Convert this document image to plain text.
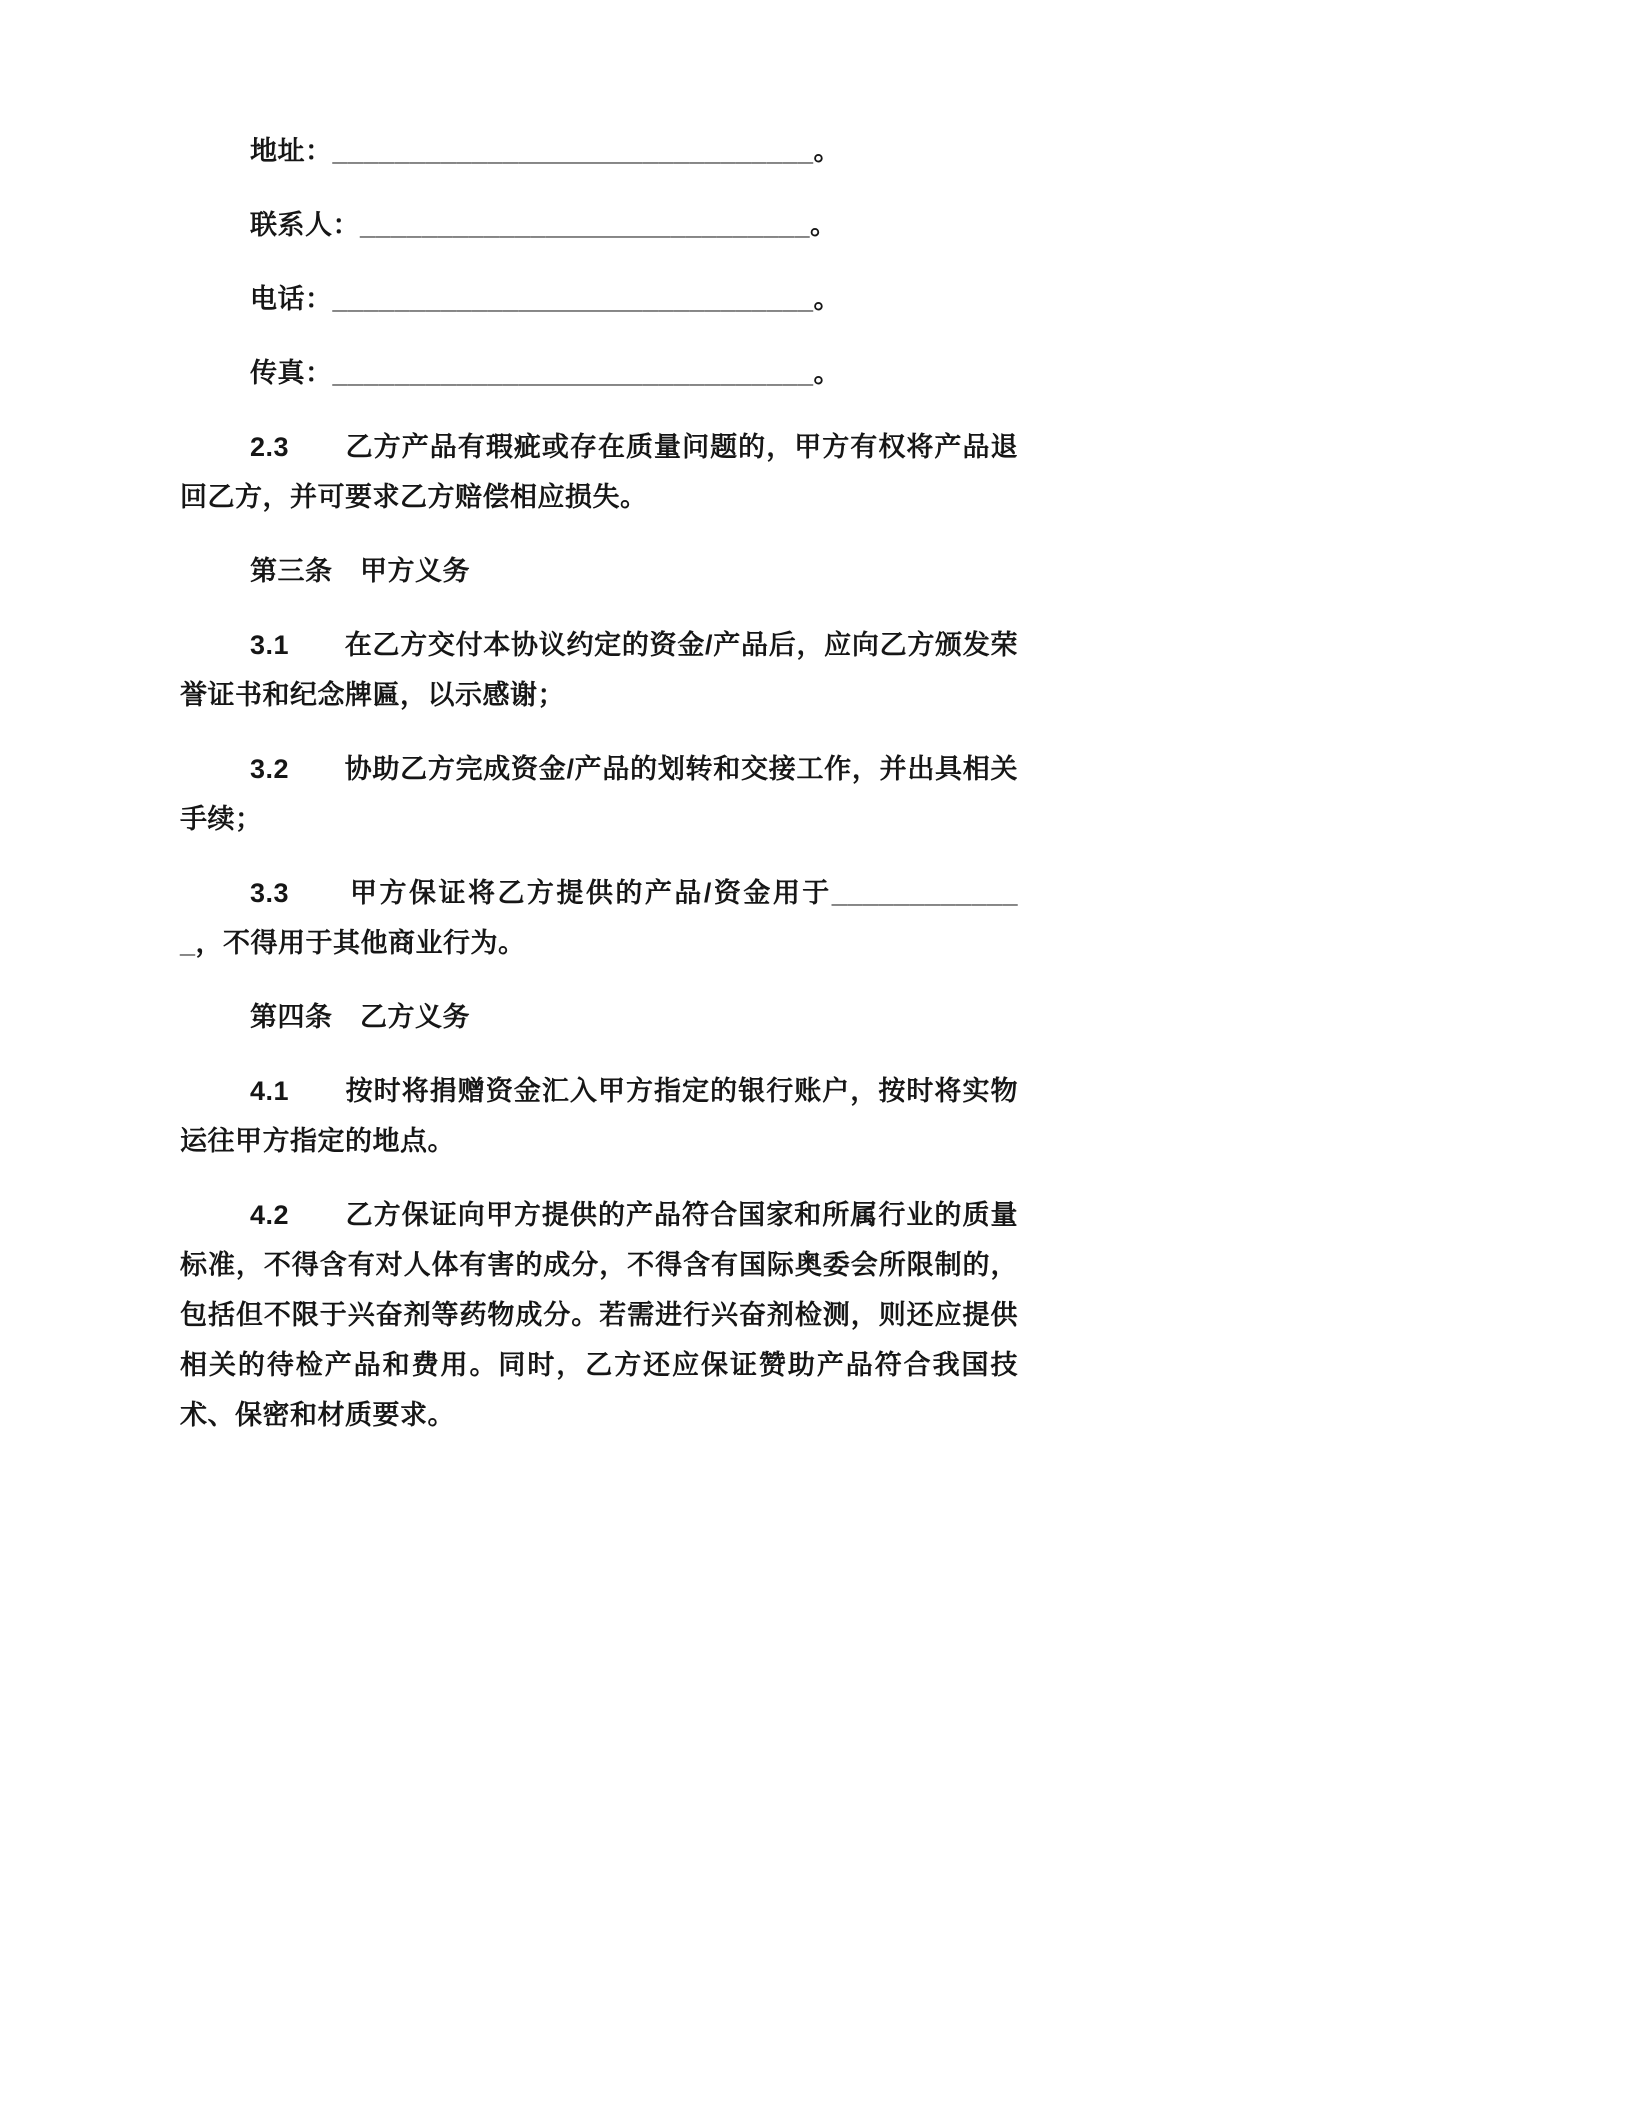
地址：_______________________________。

联系人：_____________________________。

电话：_______________________________。

传真：_______________________________。

2.3　　乙方产品有瑕疵或存在质量问题的，甲方有权将产品退回乙方，并可要求乙方赔偿相应损失。

第三条　甲方义务

3.1　　在乙方交付本协议约定的资金/产品后，应向乙方颁发荣誉证书和纪念牌匾，以示感谢；

3.2　　协助乙方完成资金/产品的划转和交接工作，并出具相关手续；

3.3　　甲方保证将乙方提供的产品/资金用于_____________，不得用于其他商业行为。

第四条　乙方义务

4.1　　按时将捐赠资金汇入甲方指定的银行账户，按时将实物运往甲方指定的地点。

4.2　　乙方保证向甲方提供的产品符合国家和所属行业的质量标准，不得含有对人体有害的成分，不得含有国际奥委会所限制的，包括但不限于兴奋剂等药物成分。若需进行兴奋剂检测，则还应提供相关的待检产品和费用。同时，乙方还应保证赞助产品符合我国技术、保密和材质要求。
